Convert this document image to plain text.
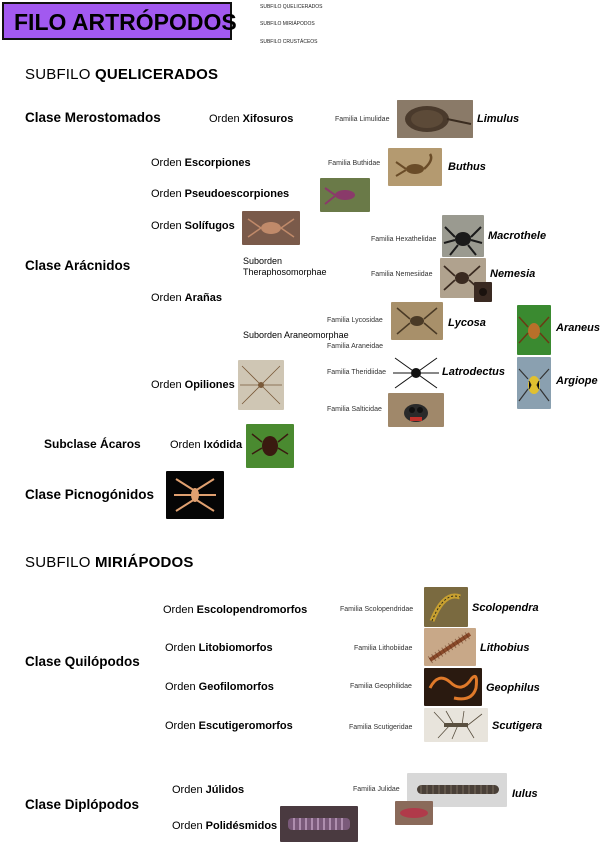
FILO ARTRÓPODOS
SUBFILO QUELICERADOS
SUBFILO MIRIÁPODOS
SUBFILO CRUSTÁCEOS
SUBFILO QUELICERADOS
Clase Merostomados	Orden Xifosuros	Familia Limulidae	Limulus
Orden Escorpiones	Familia Buthidae	Buthus
Orden Pseudoescorpiones
Orden Solífugos
Clase Arácnidos	Suborden Theraphosomorphae
Familia Hexathelidae	Macrothele
Familia Nemesiidae	Nemesia
Orden Arañas
Suborden Araneomorphae
Familia Lycosidae	Lycosa	Araneus
Familia Araneidae
Orden Opiliones
Familia Theridiidae	Latrodectus
Argiope
Familia Salticidae
Subclase Ácaros	Orden Ixódida
Clase Picnogónidos
SUBFILO MIRIÁPODOS
Clase Quilópodos
Orden Escolopendromorfos	Familia Scolopendridae	Scolopendra
Orden Litobiomorfos	Familia Lithobiidae	Lithobius
Orden Geofilomorfos	Familia Geophilidae	Geophilus
Orden Escutigeromorfos	Familia Scutigeridae	Scutigera
Clase Diplópodos
Orden Júlidos	Familia Julidae	Iulus
Orden Polidésmidos
